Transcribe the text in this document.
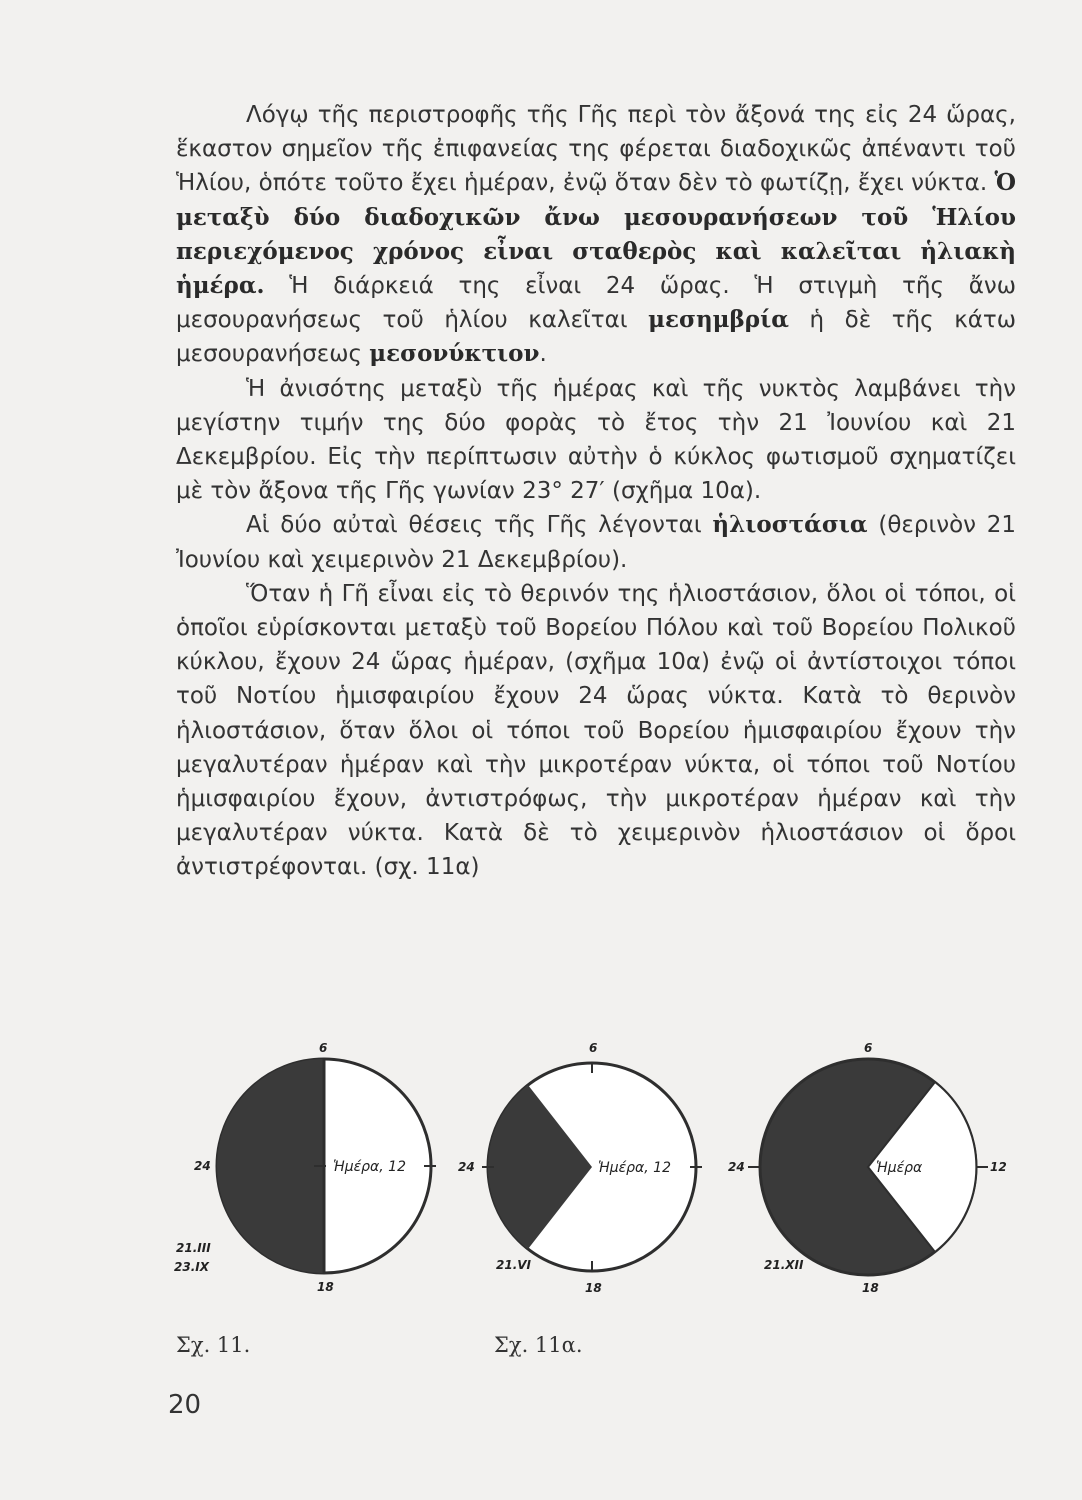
Λόγῳ τῆς περιστροφῆς τῆς Γῆς περὶ τὸν ἄξονά της εἰς 24 ὥρας, ἕκαστον σημεῖον τῆς ἐπιφανείας της φέρεται διαδοχικῶς ἀπέναντι τοῦ Ἡλίου, ὁπότε τοῦτο ἔχει ἡμέραν, ἐνῷ ὅταν δὲν τὸ φωτίζῃ, ἔχει νύκτα. Ὁ μεταξὺ δύο διαδοχικῶν ἄνω μεσουρανήσεων τοῦ Ἡλίου περιεχόμενος χρόνος εἶναι σταθερὸς καὶ καλεῖται ἡλιακὴ ἡμέρα. Ἡ διάρκειά της εἶναι 24 ὥρας. Ἡ στιγμὴ τῆς ἄνω μεσουρανήσεως τοῦ ἡλίου καλεῖται μεσημβρία ἡ δὲ τῆς κάτω μεσουρανήσεως μεσονύκτιον.

Ἡ ἀνισότης μεταξὺ τῆς ἡμέρας καὶ τῆς νυκτὸς λαμβάνει τὴν μεγίστην τιμήν της δύο φορὰς τὸ ἔτος τὴν 21 Ἰουνίου καὶ 21 Δεκεμβρίου. Εἰς τὴν περίπτωσιν αὐτὴν ὁ κύκλος φωτισμοῦ σχηματίζει μὲ τὸν ἄξονα τῆς Γῆς γωνίαν 23° 27′ (σχῆμα 10α).

Αἱ δύο αὐταὶ θέσεις τῆς Γῆς λέγονται ἡλιοστάσια (θερινὸν 21 Ἰουνίου καὶ χειμερινὸν 21 Δεκεμβρίου).

Ὅταν ἡ Γῆ εἶναι εἰς τὸ θερινόν της ἡλιοστάσιον, ὅλοι οἱ τόποι, οἱ ὁποῖοι εὑρίσκονται μεταξὺ τοῦ Βορείου Πόλου καὶ τοῦ Βορείου Πολικοῦ κύκλου, ἔχουν 24 ὥρας ἡμέραν, (σχῆμα 10α) ἐνῷ οἱ ἀντίστοιχοι τόποι τοῦ Νοτίου ἡμισφαιρίου ἔχουν 24 ὥρας νύκτα. Κατὰ τὸ θερινὸν ἡλιοστάσιον, ὅταν ὅλοι οἱ τόποι τοῦ Βορείου ἡμισφαιρίου ἔχουν τὴν μεγαλυτέραν ἡμέραν καὶ τὴν μικροτέραν νύκτα, οἱ τόποι τοῦ Νοτίου ἡμισφαιρίου ἔχουν, ἀντιστρόφως, τὴν μικροτέραν ἡμέραν καὶ τὴν μεγαλυτέραν νύκτα. Κατὰ δὲ τὸ χειμερινὸν ἡλιοστάσιον οἱ ὅροι ἀντιστρέφονται. (σχ. 11α)

6
24	Ἡμέρα, 12
18
21.III
23.IX
6
24	Ἡμέρα, 12
18
21.VI
6
24	Ἡμέρα	12
18
21.XII
Σχ. 11.	Σχ. 11α.
20
